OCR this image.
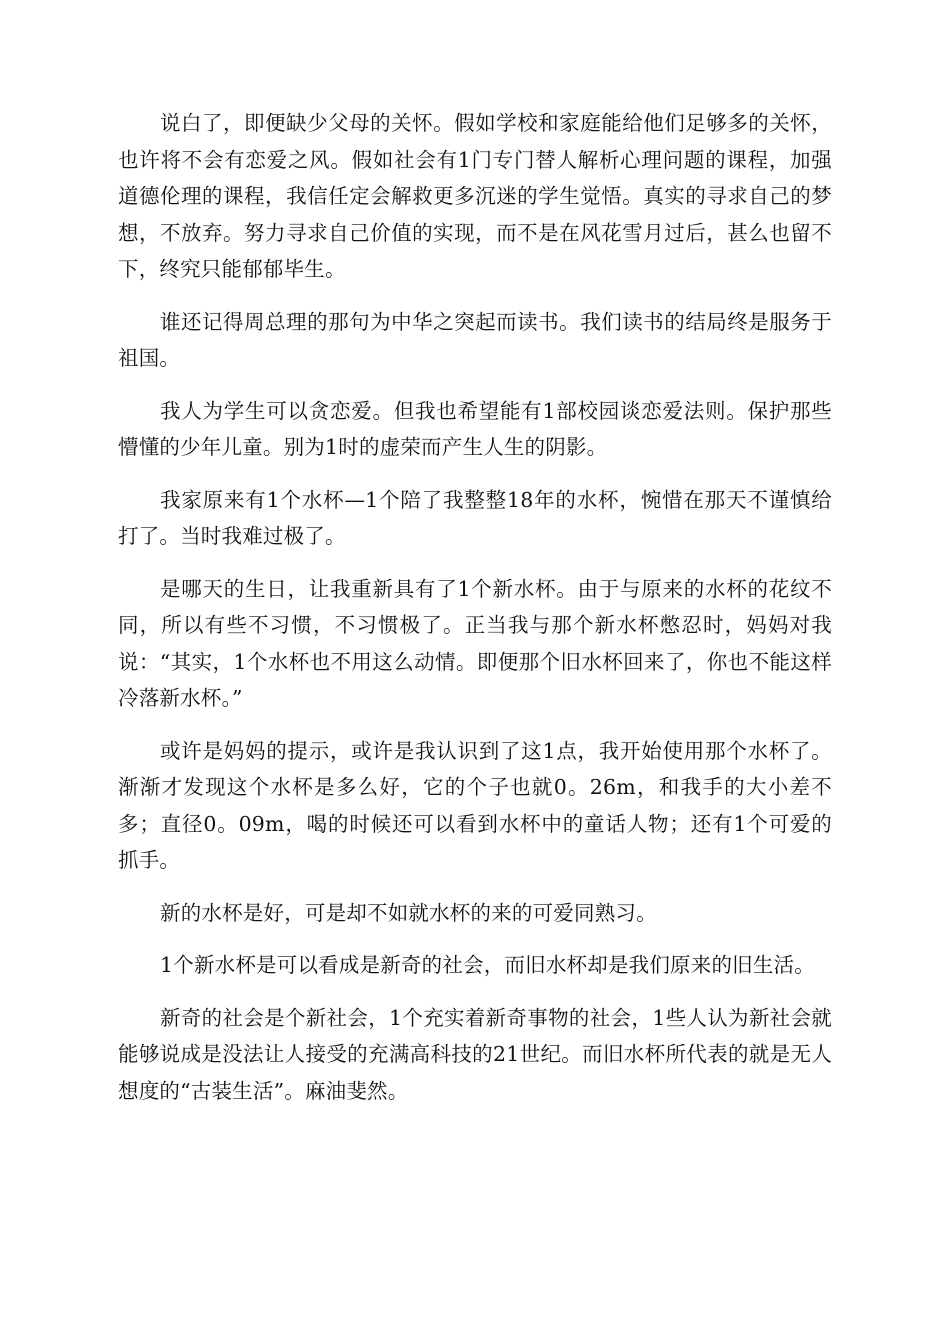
说白了，即便缺少父母的关怀。假如学校和家庭能给他们足够多的关怀，也许将不会有恋爱之风。假如社会有1门专门替人解析心理问题的课程，加强道德伦理的课程，我信任定会解救更多沉迷的学生觉悟。真实的寻求自己的梦想，不放弃。努力寻求自己价值的实现，而不是在风花雪月过后，甚么也留不下，终究只能郁郁毕生。

谁还记得周总理的那句为中华之突起而读书。我们读书的结局终是服务于祖国。

我人为学生可以贪恋爱。但我也希望能有1部校园谈恋爱法则。保护那些懵懂的少年儿童。别为1时的虚荣而产生人生的阴影。

我家原来有1个水杯—1个陪了我整整18年的水杯，惋惜在那天不谨慎给打了。当时我难过极了。

是哪天的生日，让我重新具有了1个新水杯。由于与原来的水杯的花纹不同，所以有些不习惯，不习惯极了。正当我与那个新水杯憋忍时，妈妈对我说：“其实，1个水杯也不用这么动情。即便那个旧水杯回来了，你也不能这样冷落新水杯。”

或许是妈妈的提示，或许是我认识到了这1点，我开始使用那个水杯了。渐渐才发现这个水杯是多么好，它的个子也就0。26m，和我手的大小差不多；直径0。09m，喝的时候还可以看到水杯中的童话人物；还有1个可爱的抓手。

新的水杯是好，可是却不如就水杯的来的可爱同熟习。

1个新水杯是可以看成是新奇的社会，而旧水杯却是我们原来的旧生活。

新奇的社会是个新社会，1个充实着新奇事物的社会，1些人认为新社会就能够说成是没法让人接受的充满高科技的21世纪。而旧水杯所代表的就是无人想度的“古装生活”。麻油斐然。
